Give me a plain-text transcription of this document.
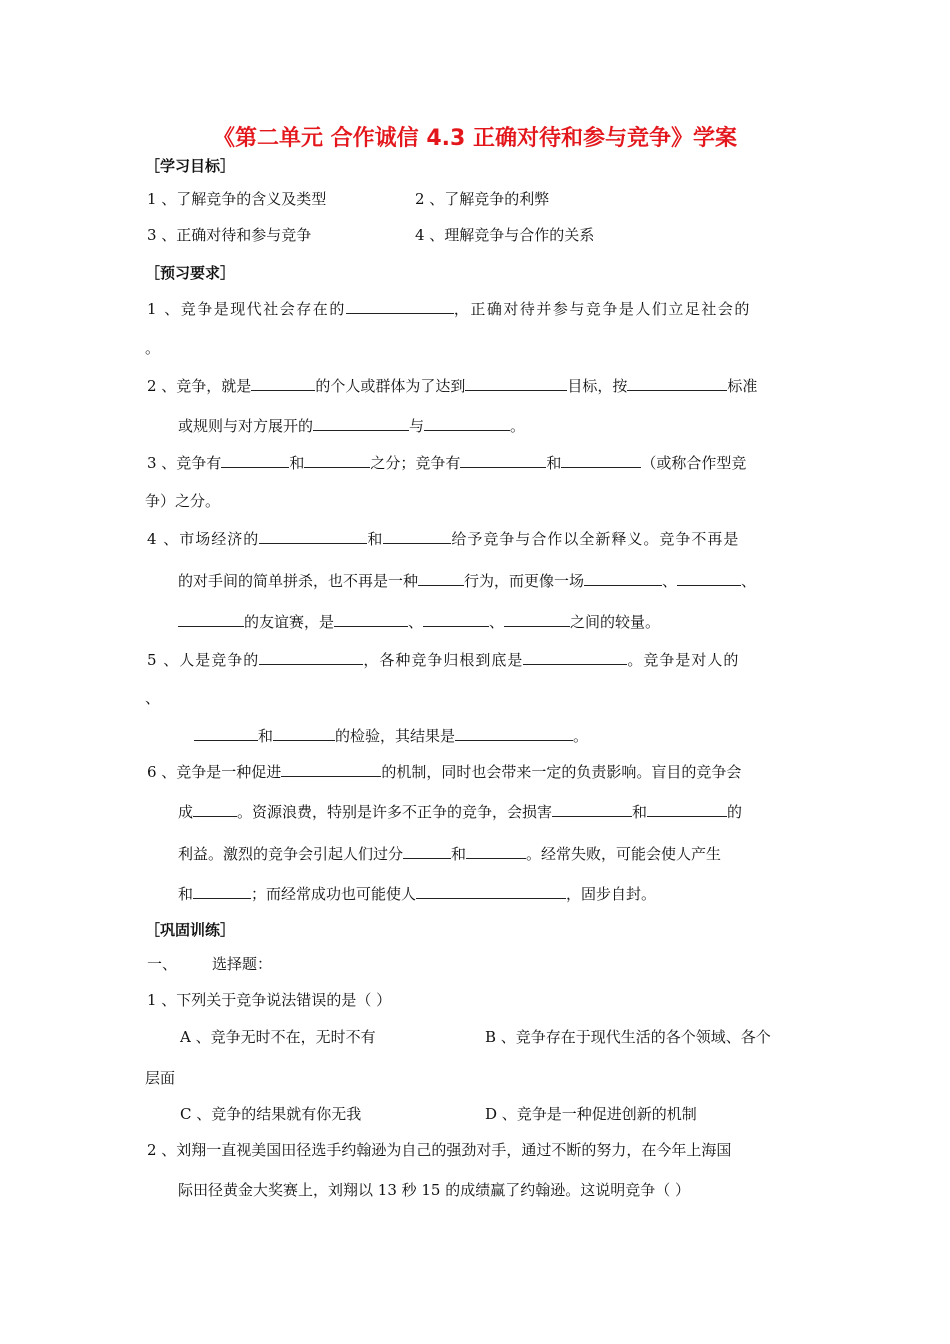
《第二单元 合作诚信 4.3 正确对待和参与竞争》学案
［学习目标］
1 、了解竞争的含义及类型	2 、了解竞争的利弊
3 、正确对待和参与竞争	4 、理解竞争与合作的关系
［预习要求］
1 、竞争是现代社会存在的	，正确对待并参与竞争是人们立足社会的
。
2 、竞争，就是	的个人或群体为了达到	目标，按	标准
或规则与对方展开的	与	。
3 、竞争有	和	之分；竞争有	和	（或称合作型竞
争）之分。
4 、市场经济的	和	给予竞争与合作以全新释义。竞争不再是
的对手间的简单拼杀，也不再是一种	行为，而更像一场	、	、
的友谊赛，是	、	、	之间的较量。
5 、人是竞争的	，各种竞争归根到底是	。竞争是对人的
、
和	的检验，其结果是	。
6 、竞争是一种促进	的机制，同时也会带来一定的负责影响。盲目的竞争会
成	。资源浪费，特别是许多不正争的竞争，会损害	和	的
利益。激烈的竞争会引起人们过分	和	。经常失败，可能会使人产生
和	；而经常成功也可能使人	，固步自封。
［巩固训练］
一、 选择题：
1 、下列关于竞争说法错误的是（ ）
A 、竞争无时不在，无时不有	B 、竞争存在于现代生活的各个领域、各个
层面
C 、竞争的结果就有你无我	D 、竞争是一种促进创新的机制
2 、刘翔一直视美国田径选手约翰逊为自己的强劲对手，通过不断的努力，在今年上海国
际田径黄金大奖赛上，刘翔以 13 秒 15 的成绩赢了约翰逊。这说明竞争（ ）
